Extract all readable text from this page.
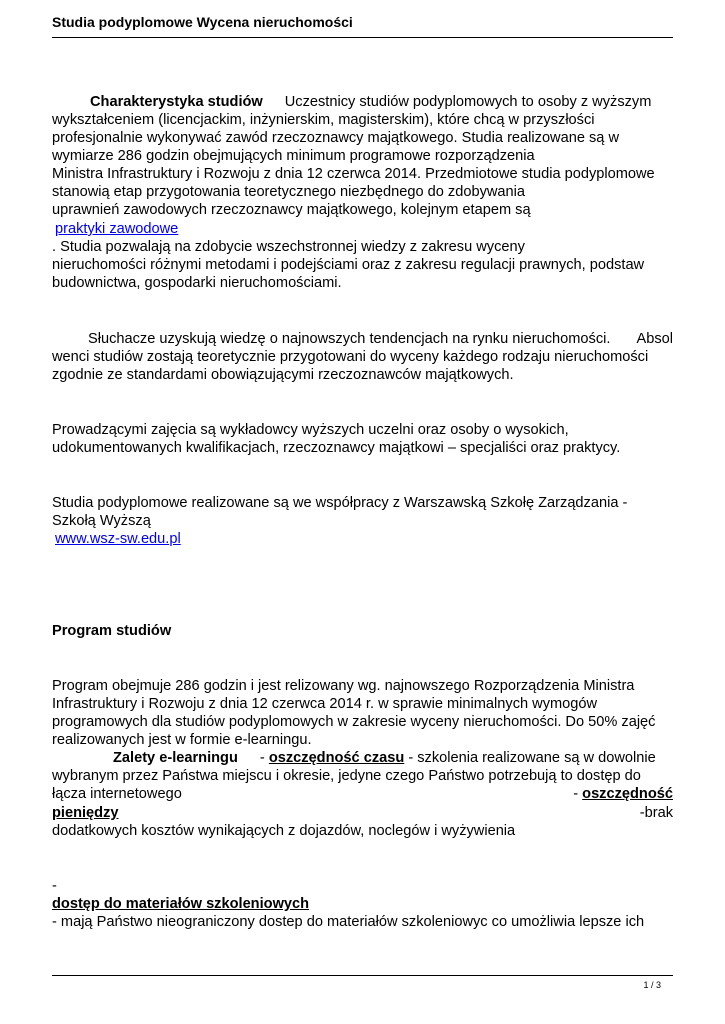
Studia podyplomowe Wycena nieruchomości
Charakterystyka studiów Uczestnicy studiów podyplomowych to osoby z wyższym
wykształceniem (licencjackim, inżynierskim, magisterskim), które chcą w przyszłości
profesjonalnie wykonywać zawód rzeczoznawcy majątkowego. Studia realizowane są w
wymiarze 286 godzin obejmujących minimum programowe rozporządzenia
Ministra Infrastruktury i Rozwoju z dnia 12 czerwca 2014. Przedmiotowe studia podyplomowe
stanowią etap przygotowania teoretycznego niezbędnego do zdobywania
uprawnień zawodowych rzeczoznawcy majątkowego, kolejnym etapem są
praktyki zawodowe
. Studia pozwalają na zdobycie wszechstronnej wiedzy z zakresu wyceny
nieruchomości różnymi metodami i podejściami oraz z zakresu regulacji prawnych, podstaw
budownictwa, gospodarki nieruchomościami.
Słuchacze uzyskują wiedzę o najnowszych tendencjach na rynku nieruchomości. Absol
wenci studiów zostają teoretycznie przygotowani do wyceny każdego rodzaju nieruchomości
zgodnie ze standardami obowiązującymi rzeczoznawców majątkowych.
Prowadzącymi zajęcia są wykładowcy wyższych uczelni oraz osoby o wysokich,
udokumentowanych kwalifikacjach, rzeczoznawcy majątkowi – specjaliści oraz praktycy.
Studia podyplomowe realizowane są we współpracy z Warszawską Szkołę Zarządzania -
Szkołą Wyższą
www.wsz-sw.edu.pl
Program studiów
Program obejmuje 286 godzin i jest relizowany wg. najnowszego Rozporządzenia Ministra
Infrastruktury i Rozwoju z dnia 12 czerwca 2014 r. w sprawie minimalnych wymogów
programowych dla studiów podyplomowych w zakresie wyceny nieruchomości. Do 50% zajęć
realizowanych jest w formie e-learningu.
Zalety e-learningu - oszczędność czasu - szkolenia realizowane są w dowolnie
wybranym przez Państwa miejscu i okresie, jedyne czego Państwo potrzebują to dostęp do
łącza internetowego	- oszczędność
pieniędzy	-brak
dodatkowych kosztów wynikających z dojazdów, noclegów i wyżywienia
-
dostęp do materiałów szkoleniowych
- mają Państwo nieograniczony dostep do materiałów szkoleniowyc co umożliwia lepsze ich
1 / 3
